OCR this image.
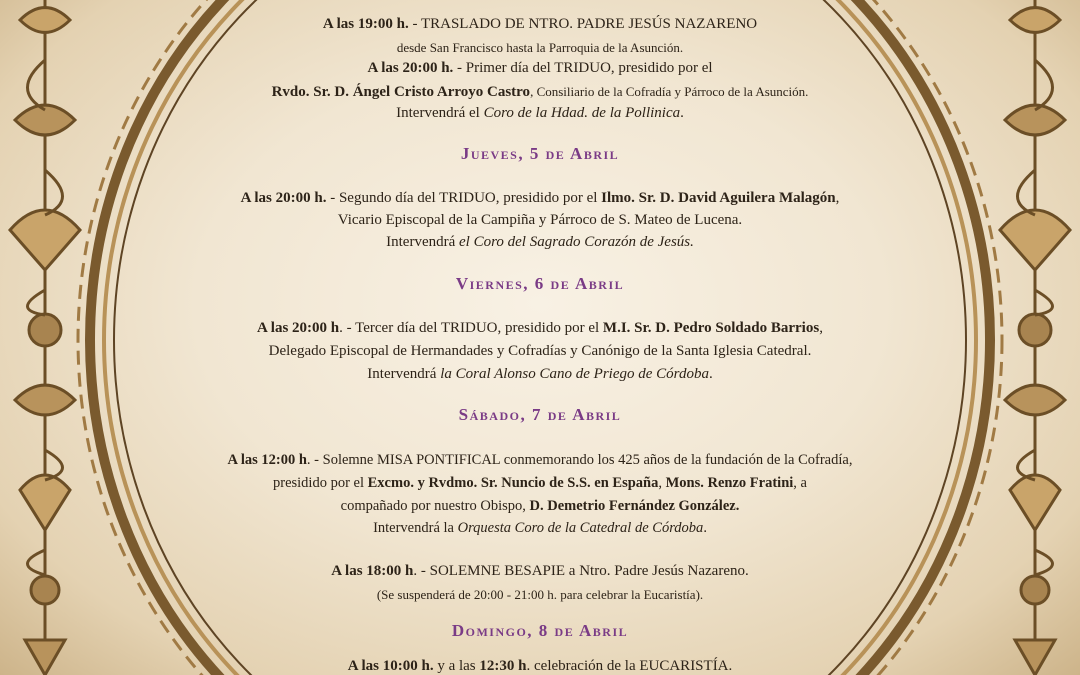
A las 19:00 h. - TRASLADO DE NTRO. PADRE JESÚS NAZARENO
desde San Francisco hasta la Parroquia de la Asunción.
A las 20:00 h. - Primer día del TRIDUO, presidido por el
Rvdo. Sr. D. Ángel Cristo Arroyo Castro, Consiliario de la Cofradía y Párroco de la Asunción.
Intervendrá el Coro de la Hdad. de la Pollinica.
Jueves, 5 de Abril
A las 20:00 h. - Segundo día del TRIDUO, presidido por el Ilmo. Sr. D. David Aguilera Malagón,
Vicario Episcopal de la Campiña y Párroco de S. Mateo de Lucena.
Intervendrá el Coro del Sagrado Corazón de Jesús.
Viernes, 6 de Abril
A las 20:00 h. - Tercer día del TRIDUO, presidido por el M.I. Sr. D. Pedro Soldado Barrios,
Delegado Episcopal de Hermandades y Cofradías y Canónigo de la Santa Iglesia Catedral.
Intervendrá la Coral Alonso Cano de Priego de Córdoba.
Sábado, 7 de Abril
A las 12:00 h. - Solemne MISA PONTIFICAL conmemorando los 425 años de la fundación de la Cofradía,
presidido por el Excmo. y Rvdmo. Sr. Nuncio de S.S. en España, Mons. Renzo Fratini, a
compañado por nuestro Obispo, D. Demetrio Fernández González.
Intervendrá la Orquesta Coro de la Catedral de Córdoba.
A las 18:00 h. - SOLEMNE BESAPIE a Ntro. Padre Jesús Nazareno.
(Se suspenderá de 20:00 - 21:00 h. para celebrar la Eucaristía).
Domingo, 8 de Abril
A las 10:00 h. y a las 12:30 h. celebración de la EUCARISTÍA.
